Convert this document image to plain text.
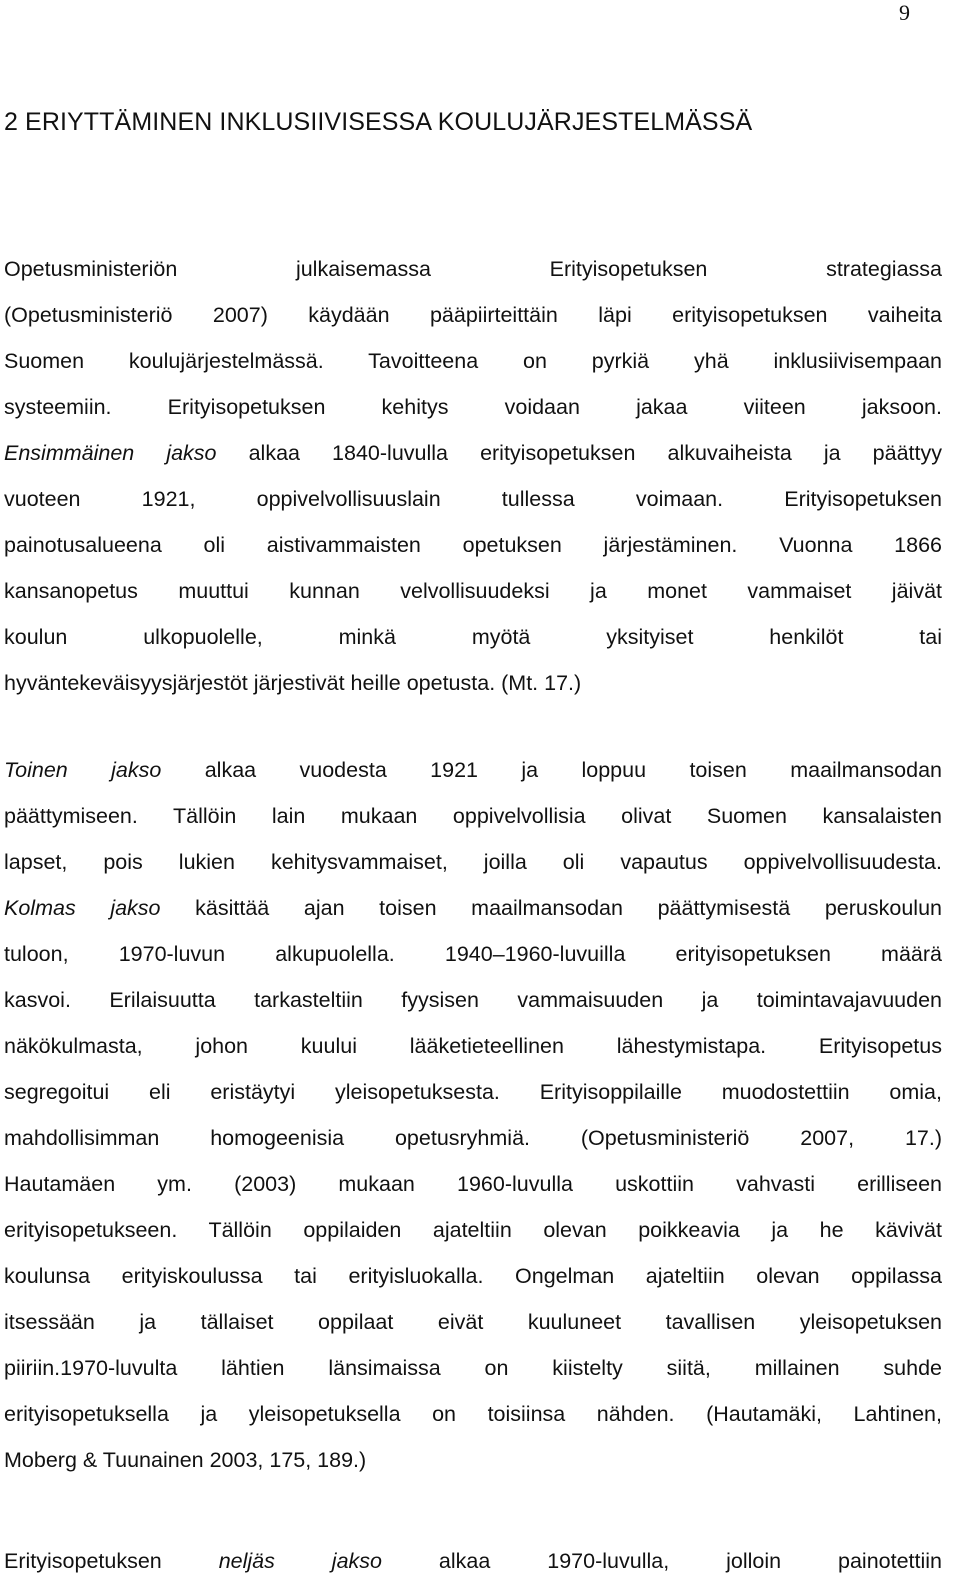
9
2 ERIYTTÄMINEN INKLUSIIVISESSA KOULUJÄRJESTELMÄSSÄ
Opetusministeriön julkaisemassa Erityisopetuksen strategiassa
(Opetusministeriö 2007) käydään pääpiirteittäin läpi erityisopetuksen vaiheita
Suomen koulujärjestelmässä. Tavoitteena on pyrkiä yhä inklusiivisempaan
systeemiin. Erityisopetuksen kehitys voidaan jakaa viiteen jaksoon.
Ensimmäinen jakso alkaa 1840-luvulla erityisopetuksen alkuvaiheista ja päättyy
vuoteen 1921, oppivelvollisuuslain tullessa voimaan. Erityisopetuksen
painotusalueena oli aistivammaisten opetuksen järjestäminen. Vuonna 1866
kansanopetus muuttui kunnan velvollisuudeksi ja monet vammaiset jäivät
koulun ulkopuolelle, minkä myötä yksityiset henkilöt tai
hyväntekeväisyysjärjestöt järjestivät heille opetusta. (Mt. 17.)
Toinen jakso alkaa vuodesta 1921 ja loppuu toisen maailmansodan
päättymiseen. Tällöin lain mukaan oppivelvollisia olivat Suomen kansalaisten
lapset, pois lukien kehitysvammaiset, joilla oli vapautus oppivelvollisuudesta.
Kolmas jakso käsittää ajan toisen maailmansodan päättymisestä peruskoulun
tuloon, 1970-luvun alkupuolella. 1940–1960-luvuilla erityisopetuksen määrä
kasvoi. Erilaisuutta tarkasteltiin fyysisen vammaisuuden ja toimintavajavuuden
näkökulmasta, johon kuului lääketieteellinen lähestymistapa. Erityisopetus
segregoitui eli eristäytyi yleisopetuksesta. Erityisoppilaille muodostettiin omia,
mahdollisimman homogeenisia opetusryhmiä. (Opetusministeriö 2007, 17.)
Hautamäen ym. (2003) mukaan 1960-luvulla uskottiin vahvasti erilliseen
erityisopetukseen. Tällöin oppilaiden ajateltiin olevan poikkeavia ja he kävivät
koulunsa erityiskoulussa tai erityisluokalla. Ongelman ajateltiin olevan oppilassa
itsessään ja tällaiset oppilaat eivät kuuluneet tavallisen yleisopetuksen
piiriin.1970-luvulta lähtien länsimaissa on kiistelty siitä, millainen suhde
erityisopetuksella ja yleisopetuksella on toisiinsa nähden. (Hautamäki, Lahtinen,
Moberg & Tuunainen 2003, 175, 189.)
Erityisopetuksen neljäs jakso alkaa 1970-luvulla, jolloin painotettiin
